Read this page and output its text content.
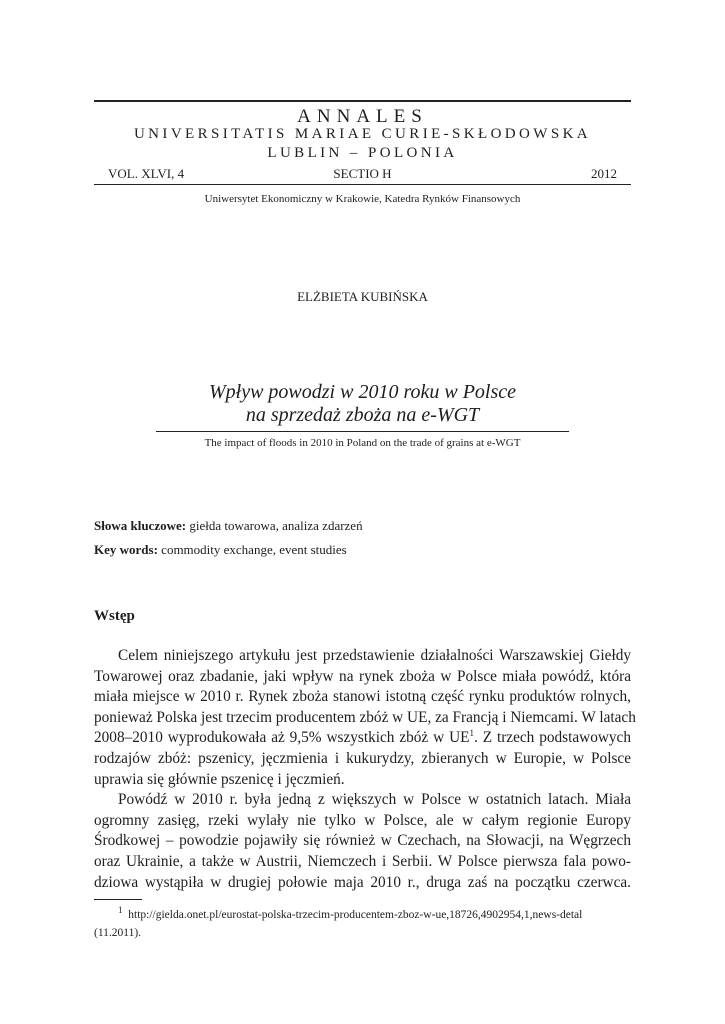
ANNALES
UNIVERSITATIS MARIAE CURIE-SKŁODOWSKA
LUBLIN – POLONIA
VOL. XLVI, 4	SECTIO H	2012
Uniwersytet Ekonomiczny w Krakowie, Katedra Rynków Finansowych
ELŻBIETA KUBIŃSKA
Wpływ powodzi w 2010 roku w Polsce
na sprzedaż zboża na e-WGT
The impact of floods in 2010 in Poland on the trade of grains at e-WGT
Słowa kluczowe: giełda towarowa, analiza zdarzeń
Key words: commodity exchange, event studies
Wstęp
Celem niniejszego artykułu jest przedstawienie działalności Warszawskiej Giełdy
Towarowej oraz zbadanie, jaki wpływ na rynek zboża w Polsce miała powódź, która
miała miejsce w 2010 r. Rynek zboża stanowi istotną część rynku produktów rolnych,
ponieważ Polska jest trzecim producentem zbóż w UE, za Francją i Niemcami. W latach
2008–2010 wyprodukowała aż 9,5% wszystkich zbóż w $UE^1$. Z trzech podstawowych
rodzajów zbóż: pszenicy, jęczmienia i kukurydzy, zbieranych w Europie, w Polsce
uprawia się głównie pszenicę i jęczmień.
Powódź w 2010 r. była jedną z większych w Polsce w ostatnich latach. Miała
ogromny zasięg, rzeki wylały nie tylko w Polsce, ale w całym regionie Europy
Środkowej – powodzie pojawiły się również w Czechach, na Słowacji, na Węgrzech
oraz Ukrainie, a także w Austrii, Niemczech i Serbii. W Polsce pierwsza fala powo-
dziowa wystąpiła w drugiej połowie maja 2010 r., druga zaś na początku czerwca.
$^1$ http://gielda.onet.pl/eurostat-polska-trzecim-producentem-zboz-w-ue,18726,4902954,1,news-detal
(11.2011).
